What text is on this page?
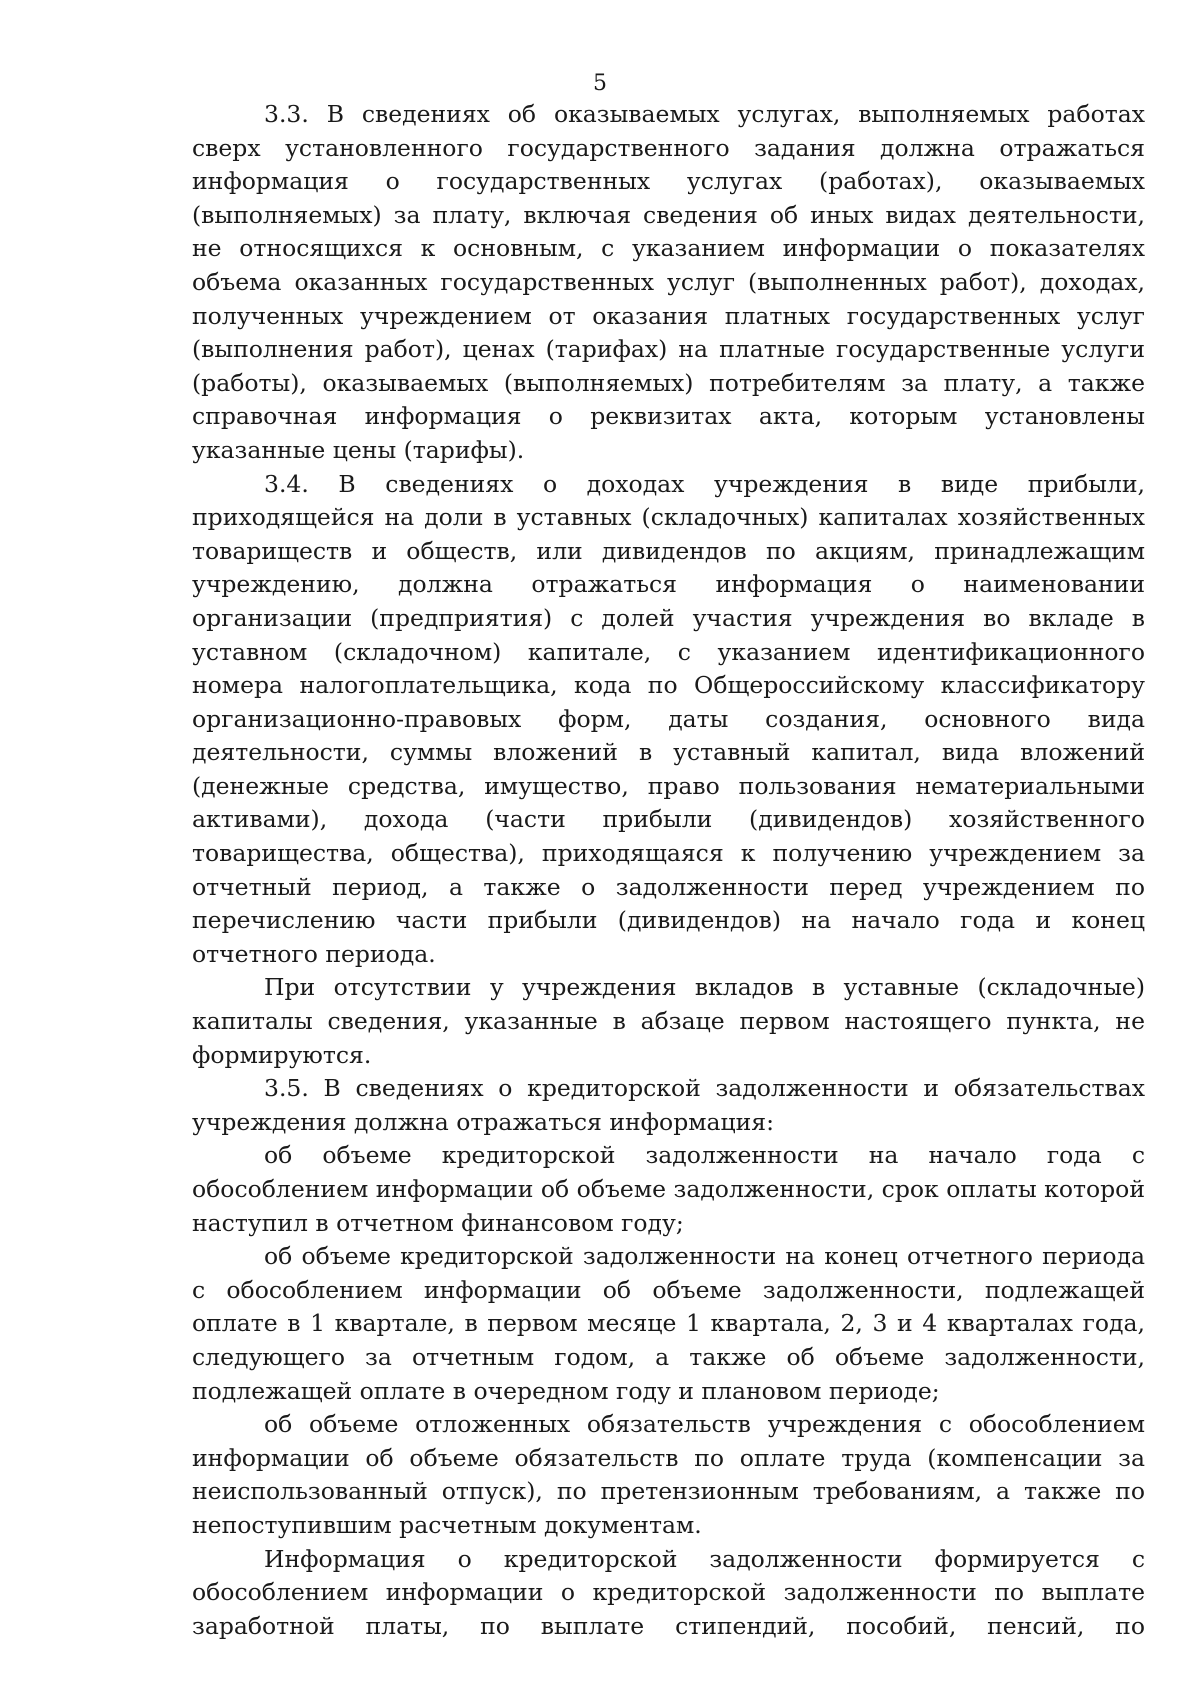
5

3.3. В сведениях об оказываемых услугах, выполняемых работах сверх установленного государственного задания должна отражаться информация о государственных услугах (работах), оказываемых (выполняемых) за плату, включая сведения об иных видах деятельности, не относящихся к основным, с указанием информации о показателях объема оказанных государственных услуг (выполненных работ), доходах, полученных учреждением от оказания платных государственных услуг (выполнения работ), ценах (тарифах) на платные государственные услуги (работы), оказываемых (выполняемых) потребителям за плату, а также справочная информация о реквизитах акта, которым установлены указанные цены (тарифы).

3.4. В сведениях о доходах учреждения в виде прибыли, приходящейся на доли в уставных (складочных) капиталах хозяйственных товариществ и обществ, или дивидендов по акциям, принадлежащим учреждению, должна отражаться информация о наименовании организации (предприятия) с долей участия учреждения во вкладе в уставном (складочном) капитале, с указанием идентификационного номера налогоплательщика, кода по Общероссийскому классификатору организационно-правовых форм, даты создания, основного вида деятельности, суммы вложений в уставный капитал, вида вложений (денежные средства, имущество, право пользования нематериальными активами), дохода (части прибыли (дивидендов) хозяйственного товарищества, общества), приходящаяся к получению учреждением за отчетный период, а также о задолженности перед учреждением по перечислению части прибыли (дивидендов) на начало года и конец отчетного периода.

При отсутствии у учреждения вкладов в уставные (складочные) капиталы сведения, указанные в абзаце первом настоящего пункта, не формируются.

3.5. В сведениях о кредиторской задолженности и обязательствах учреждения должна отражаться информация:

об объеме кредиторской задолженности на начало года с обособлением информации об объеме задолженности, срок оплаты которой наступил в отчетном финансовом году;

об объеме кредиторской задолженности на конец отчетного периода с обособлением информации об объеме задолженности, подлежащей оплате в 1 квартале, в первом месяце 1 квартала, 2, 3 и 4 кварталах года, следующего за отчетным годом, а также об объеме задолженности, подлежащей оплате в очередном году и плановом периоде;

об объеме отложенных обязательств учреждения с обособлением информации об объеме обязательств по оплате труда (компенсации за неиспользованный отпуск), по претензионным требованиям, а также по непоступившим расчетным документам.

Информация о кредиторской задолженности формируется с обособлением информации о кредиторской задолженности по выплате заработной платы, по выплате стипендий, пособий, пенсий, по
